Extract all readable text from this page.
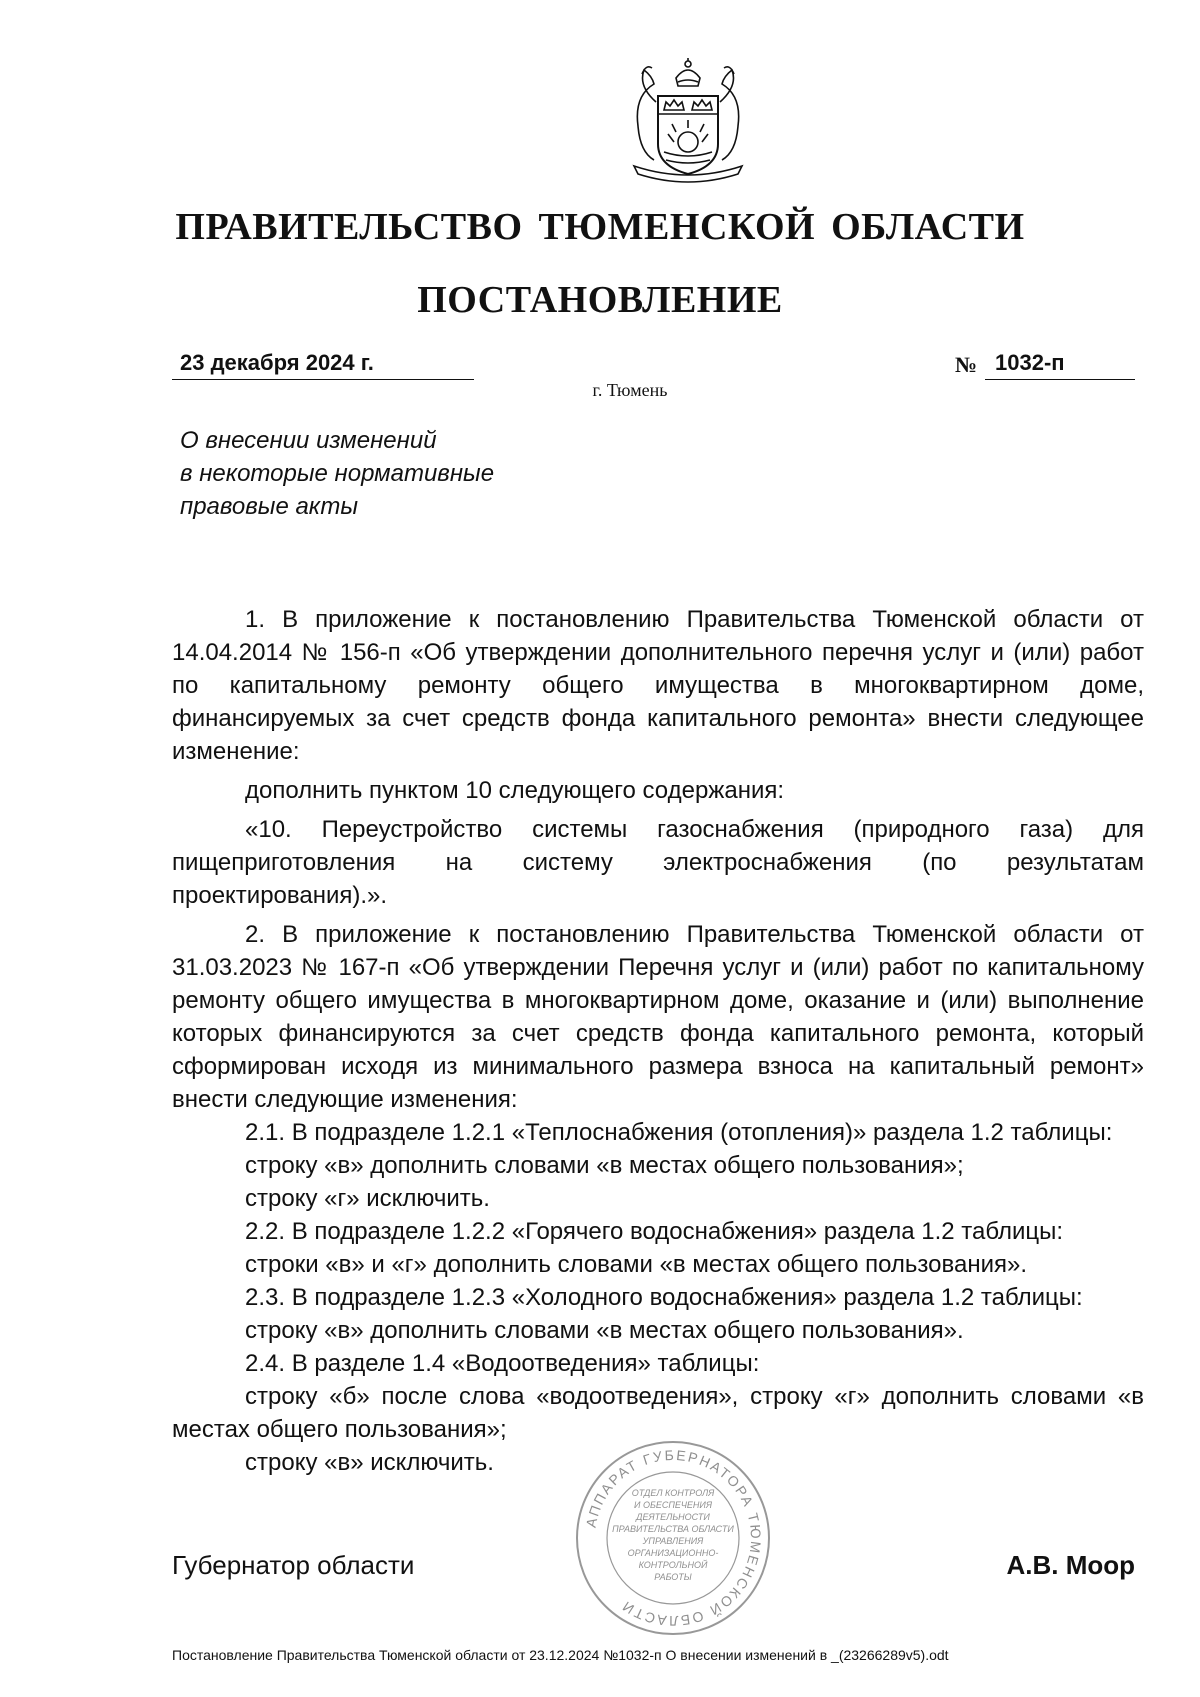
ПРАВИТЕЛЬСТВО ТЮМЕНСКОЙ ОБЛАСТИ
ПОСТАНОВЛЕНИЕ
23 декабря 2024 г.	№ 1032-п
г. Тюмень
О внесении изменений
в некоторые нормативные
правовые акты

1. В приложение к постановлению Правительства Тюменской области от 14.04.2014 № 156-п «Об утверждении дополнительного перечня услуг и (или) работ по капитальному ремонту общего имущества в многоквартирном доме, финансируемых за счет средств фонда капитального ремонта» внести следующее изменение:

дополнить пунктом 10 следующего содержания:

«10. Переустройство системы газоснабжения (природного газа) для пищеприготовления на систему электроснабжения (по результатам проектирования).».

2. В приложение к постановлению Правительства Тюменской области от 31.03.2023 № 167-п «Об утверждении Перечня услуг и (или) работ по капитальному ремонту общего имущества в многоквартирном доме, оказание и (или) выполнение которых финансируются за счет средств фонда капитального ремонта, который сформирован исходя из минимального размера взноса на капитальный ремонт» внести следующие изменения:

2.1. В подразделе 1.2.1 «Теплоснабжения (отопления)» раздела 1.2 таблицы:

строку «в» дополнить словами «в местах общего пользования»;

строку «г» исключить.

2.2. В подразделе 1.2.2 «Горячего водоснабжения» раздела 1.2 таблицы:

строки «в» и «г» дополнить словами «в местах общего пользования».

2.3. В подразделе 1.2.3 «Холодного водоснабжения» раздела 1.2 таблицы:

строку «в» дополнить словами «в местах общего пользования».

2.4. В разделе 1.4 «Водоотведения» таблицы:

строку «б» после слова «водоотведения», строку «г» дополнить словами «в местах общего пользования»;

строку «в» исключить.

АППАРАТ ГУБЕРНАТОРА ТЮМЕНСКОЙ ОБЛАСТИ
ОТДЕЛ КОНТРОЛЯ
И ОБЕСПЕЧЕНИЯ
ДЕЯТЕЛЬНОСТИ
ПРАВИТЕЛЬСТВА ОБЛАСТИ
УПРАВЛЕНИЯ
ОРГАНИЗАЦИОННО-
КОНТРОЛЬНОЙ
РАБОТЫ
Губернатор области	А.В. Моор
Постановление Правительства Тюменской области от 23.12.2024 №1032-п О внесении изменений в _(23266289v5).odt
